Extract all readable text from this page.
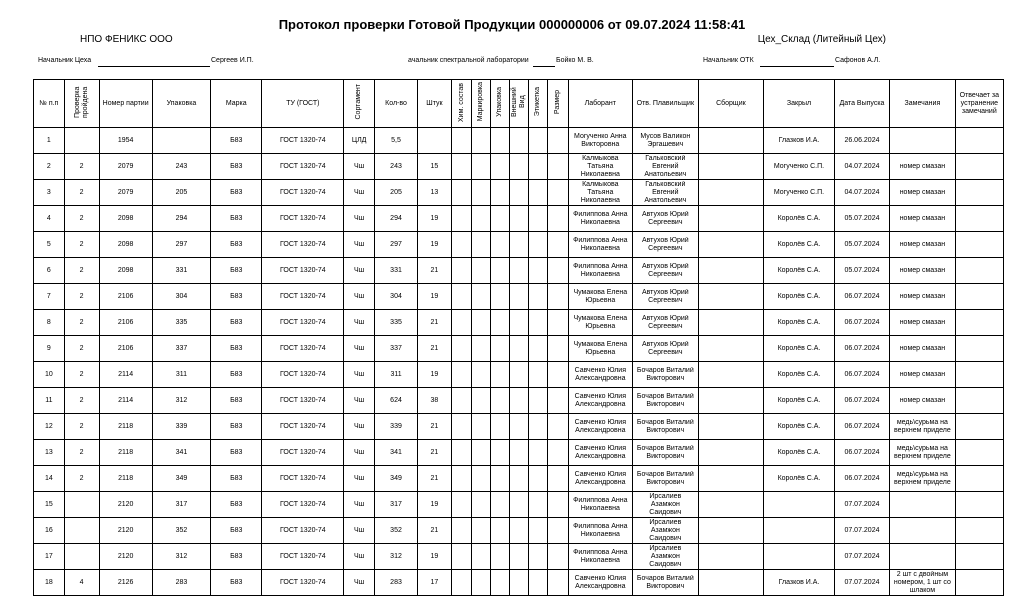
Протокол проверки Готовой Продукции 000000006 от 09.07.2024 11:58:41
НПО ФЕНИКС ООО	Цех_Склад (Литейный Цех)
Начальник Цеха	Сергеев И.П.	ачальник спектральной лаборатории	Бойко М. В.	Начальник ОТК	Сафонов А.Л.
№ п.п	Проверка пройдена	Номер партии	Упаковка	Марка	ТУ (ГОСТ)	Сортамент	Кол-во	Штук	Хим. состав	Маркировка	Упаковка	Внешний Вид	Этикетка	Размер	Лаборант	Отв. Плавильщик	Сборщик	Закрыл	Дата Выпуска	Замечания	Отвечает за устранение замечаний

1		1954		Б83	ГОСТ 1320-74	ЦЛД	5,5								Могученко Анна Викторовна	Мусов Валикон Эргашевич		Глазков И.А.	26.06.2024		

2	2	2079	243	Б83	ГОСТ 1320-74	Чш	243	15							Калмыкова Татьяна Николаевна	Гальковский Евгений Анатольевич		Могученко С.П.	04.07.2024	номер смазан	

3	2	2079	205	Б83	ГОСТ 1320-74	Чш	205	13							Калмыкова Татьяна Николаевна	Гальковский Евгений Анатольевич		Могученко С.П.	04.07.2024	номер смазан	

4	2	2098	294	Б83	ГОСТ 1320-74	Чш	294	19							Филиппова Анна Николаевна	Автухов Юрий Сергеевич		Королёв С.А.	05.07.2024	номер смазан	

5	2	2098	297	Б83	ГОСТ 1320-74	Чш	297	19							Филиппова Анна Николаевна	Автухов Юрий Сергеевич		Королёв С.А.	05.07.2024	номер смазан	

6	2	2098	331	Б83	ГОСТ 1320-74	Чш	331	21							Филиппова Анна Николаевна	Автухов Юрий Сергеевич		Королёв С.А.	05.07.2024	номер смазан	

7	2	2106	304	Б83	ГОСТ 1320-74	Чш	304	19							Чумакова Елена Юрьевна	Автухов Юрий Сергеевич		Королёв С.А.	06.07.2024	номер смазан	

8	2	2106	335	Б83	ГОСТ 1320-74	Чш	335	21							Чумакова Елена Юрьевна	Автухов Юрий Сергеевич		Королёв С.А.	06.07.2024	номер смазан	

9	2	2106	337	Б83	ГОСТ 1320-74	Чш	337	21							Чумакова Елена Юрьевна	Автухов Юрий Сергеевич		Королёв С.А.	06.07.2024	номер смазан	

10	2	2114	311	Б83	ГОСТ 1320-74	Чш	311	19							Савченко Юлия Александровна	Бочаров Виталий Викторович		Королёв С.А.	06.07.2024	номер смазан	

11	2	2114	312	Б83	ГОСТ 1320-74	Чш	624	38							Савченко Юлия Александровна	Бочаров Виталий Викторович		Королёв С.А.	06.07.2024	номер смазан	

12	2	2118	339	Б83	ГОСТ 1320-74	Чш	339	21							Савченко Юлия Александровна	Бочаров Виталий Викторович		Королёв С.А.	06.07.2024	медь\сурьма на верхнем приделе	

13	2	2118	341	Б83	ГОСТ 1320-74	Чш	341	21							Савченко Юлия Александровна	Бочаров Виталий Викторович		Королёв С.А.	06.07.2024	медь\сурьма на верхнем приделе	

14	2	2118	349	Б83	ГОСТ 1320-74	Чш	349	21							Савченко Юлия Александровна	Бочаров Виталий Викторович		Королёв С.А.	06.07.2024	медь\сурьма на верхнем приделе	

15		2120	317	Б83	ГОСТ 1320-74	Чш	317	19							Филиппова Анна Николаевна	Ирсалиев Азамжон Саидович			07.07.2024		

16		2120	352	Б83	ГОСТ 1320-74	Чш	352	21							Филиппова Анна Николаевна	Ирсалиев Азамжон Саидович			07.07.2024		

17		2120	312	Б83	ГОСТ 1320-74	Чш	312	19							Филиппова Анна Николаевна	Ирсалиев Азамжон Саидович			07.07.2024		

18	4	2126	283	Б83	ГОСТ 1320-74	Чш	283	17							Савченко Юлия Александровна	Бочаров Виталий Викторович		Глазков И.А.	07.07.2024	2 шт с двойным номером, 1 шт со шлаком	
